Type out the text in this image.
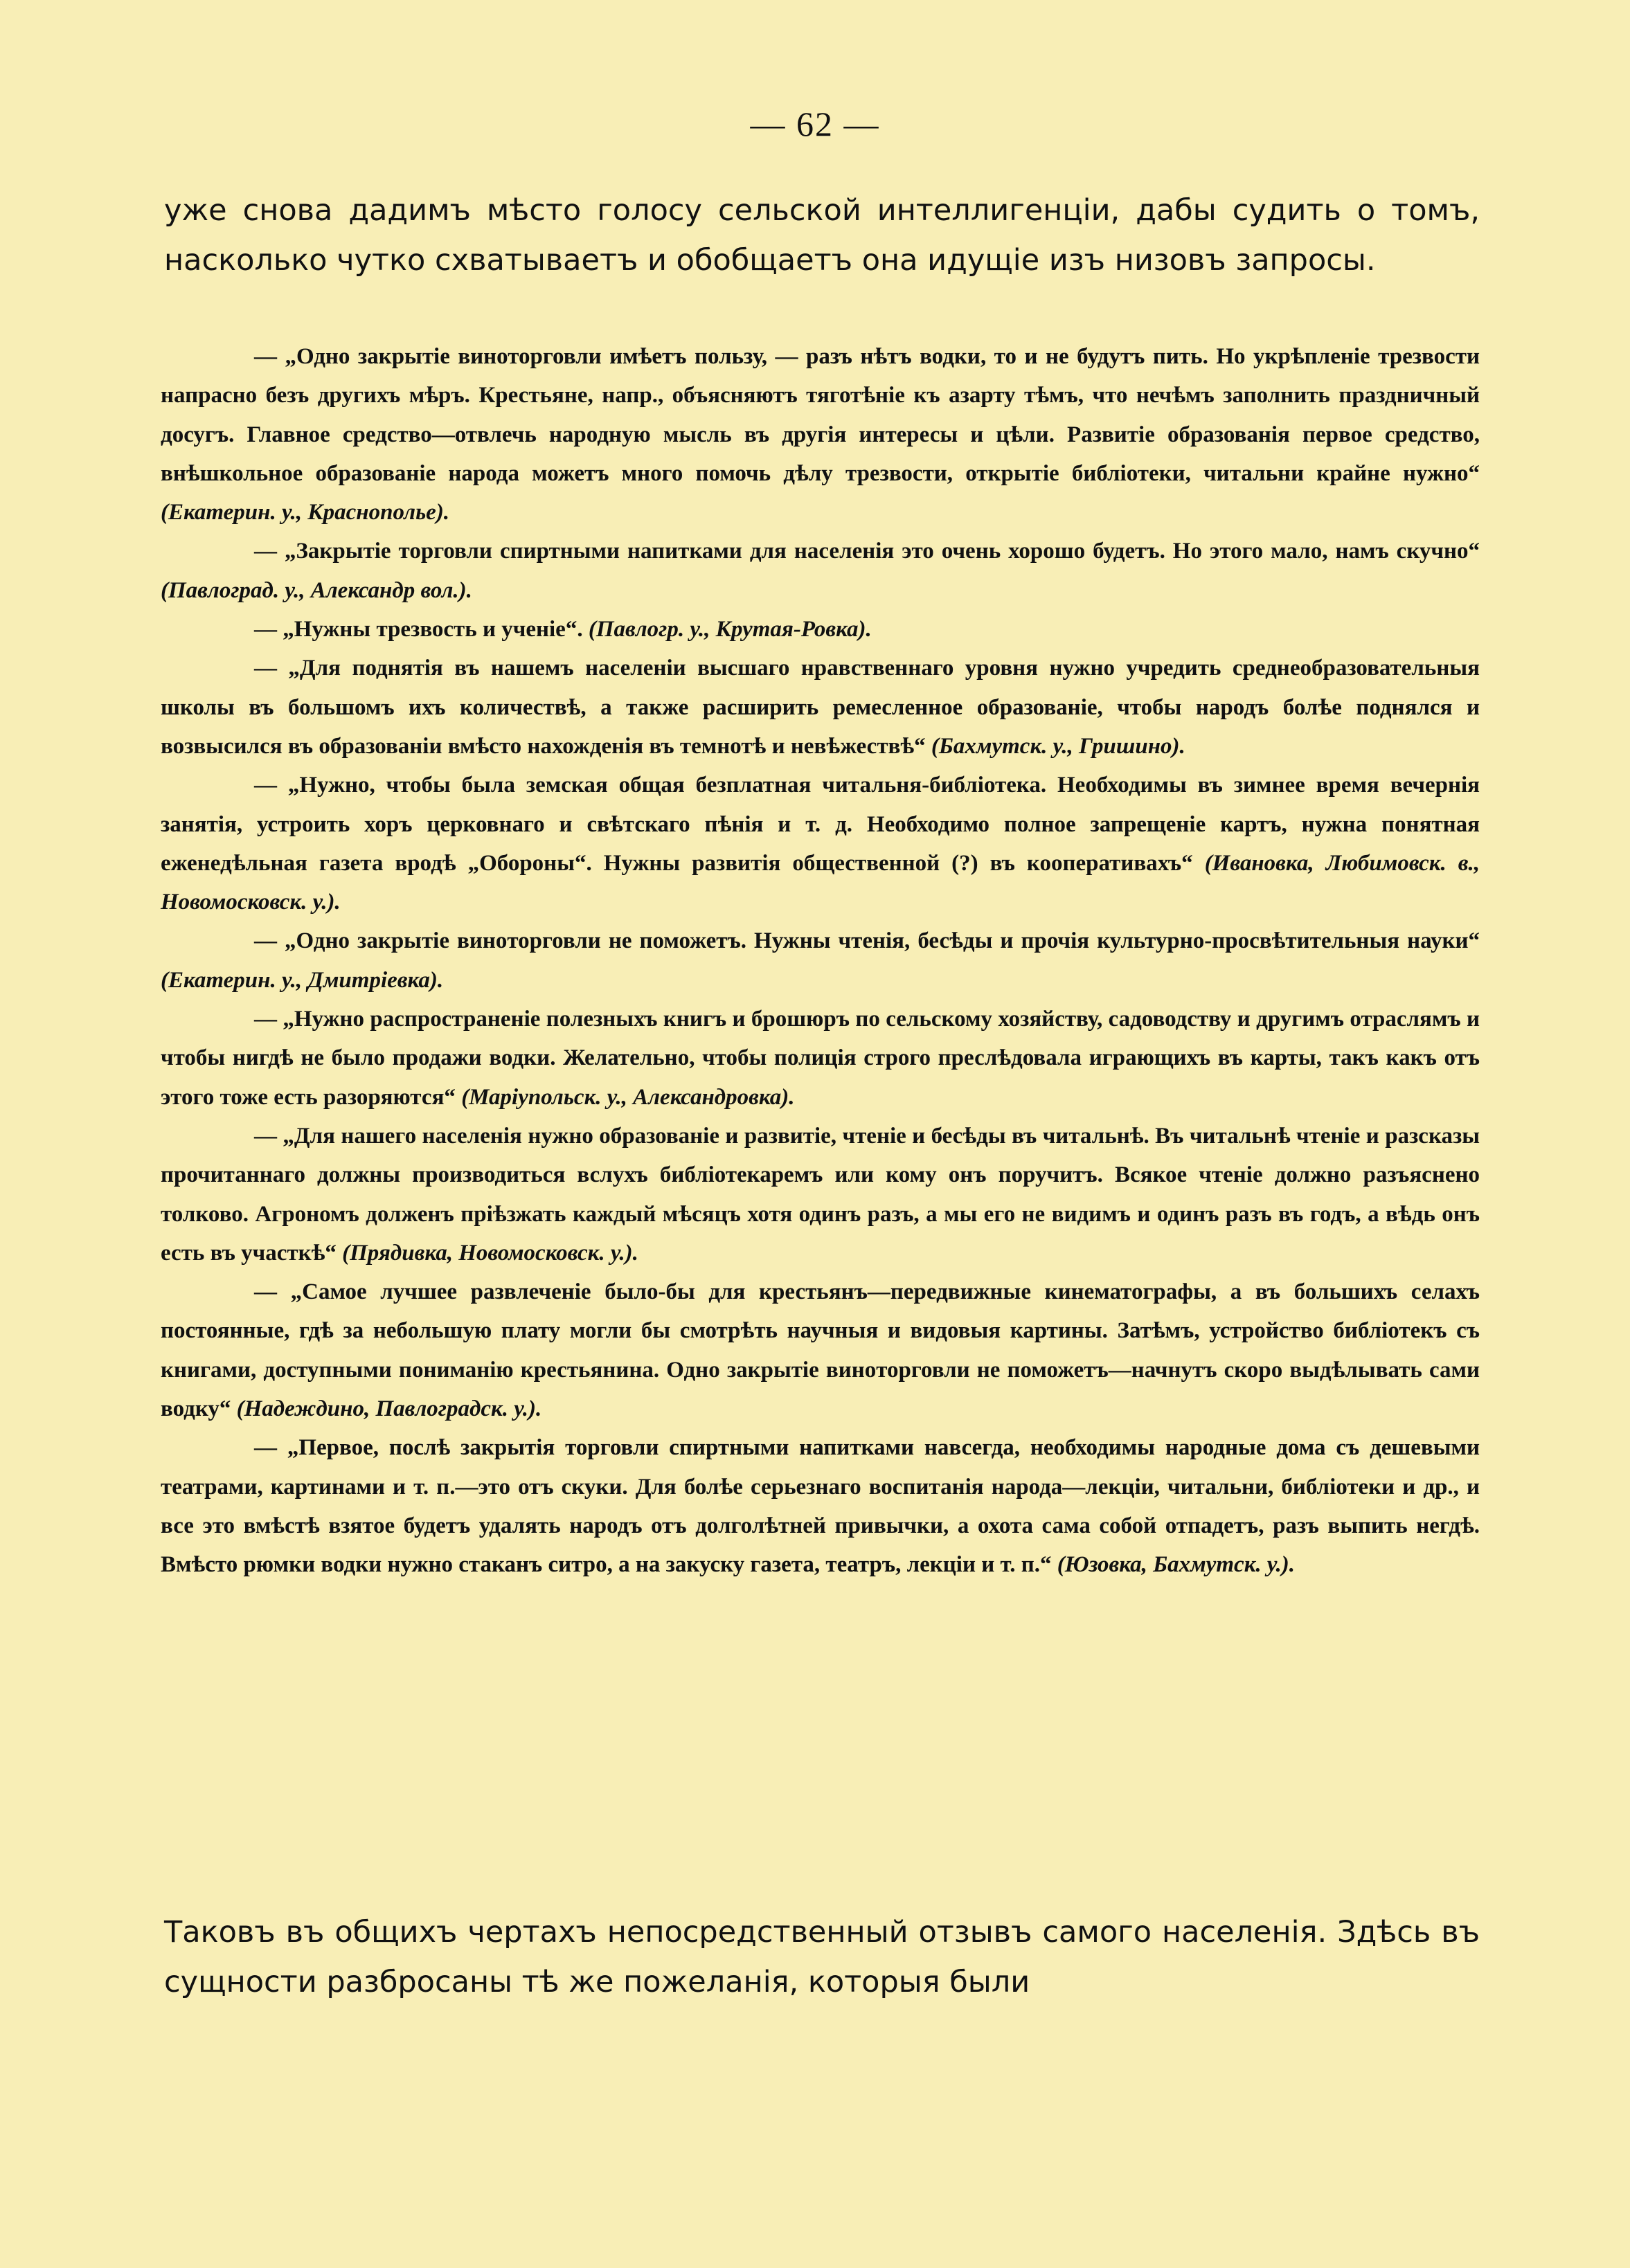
— 62 —
уже снова дадимъ мѣсто голосу сельской интеллигенціи, дабы судить о томъ, насколько чутко схватываетъ и обобщаетъ она идущіе изъ низовъ запросы.

— „Одно закрытіе виноторговли имѣетъ пользу, — разъ нѣтъ водки, то и не будутъ пить. Но укрѣпленіе трезвости напрасно безъ другихъ мѣръ. Крестьяне, напр., объясняютъ тяготѣніе къ азарту тѣмъ, что нечѣмъ заполнить праздничный досугъ. Главное средство—отвлечь народную мысль въ другія интересы и цѣли. Развитіе образованія первое средство, внѣшкольное образованіе народа можетъ много помочь дѣлу трезвости, открытіе библіотеки, читальни крайне нужно“ (Екатерин. у., Краснополье).

— „Закрытіе торговли спиртными напитками для населенія это очень хорошо будетъ. Но этого мало, намъ скучно“ (Павлоград. у., Александр вол.).

— „Нужны трезвость и ученіе“. (Павлогр. у., Крутая-Ровка).

— „Для поднятія въ нашемъ населеніи высшаго нравственнаго уровня нужно учредить среднеобразовательныя школы въ большомъ ихъ количествѣ, а также расширить ремесленное образованіе, чтобы народъ болѣе поднялся и возвысился въ образованіи вмѣсто нахожденія въ темнотѣ и невѣжествѣ“ (Бахмутск. у., Гришино).

— „Нужно, чтобы была земская общая безплатная читальня-библіотека. Необходимы въ зимнее время вечернія занятія, устроить хоръ церковнаго и свѣтскаго пѣнія и т. д. Необходимо полное запрещеніе картъ, нужна понятная еженедѣльная газета вродѣ „Обороны“. Нужны развитія общественной (?) въ кооперативахъ“ (Ивановка, Любимовск. в., Новомосковск. у.).

— „Одно закрытіе винoторговли не поможетъ. Нужны чтенія, бесѣды и прочія культурно-просвѣтительныя науки“ (Екатерин. у., Дмитріевка).

— „Нужно распространеніе полезныхъ книгъ и брошюръ по сельскому хозяйству, садоводству и другимъ отраслямъ и чтобы нигдѣ не было продажи водки. Желательно, чтобы полиція строго преслѣдовала играющихъ въ карты, такъ какъ отъ этого тоже есть разоряются“ (Маріупольск. у., Александровка).

— „Для нашего населенія нужно образованіе и развитіе, чтеніе и бесѣды въ читальнѣ. Въ читальнѣ чтеніе и разсказы прочитаннаго должны производиться вслухъ библіотекаремъ или кому онъ поручитъ. Всякое чтеніе должно разъяснено толково. Агрономъ долженъ пріѣзжать каждый мѣсяцъ хотя одинъ разъ, а мы его не видимъ и одинъ разъ въ годъ, а вѣдь онъ есть въ участкѣ“ (Прядивка, Новомосковск. у.).

— „Самое лучшее развлеченіе было-бы для крестьянъ—передвижные кинематографы, а въ большихъ селахъ постоянные, гдѣ за небольшую плату могли бы смотрѣть научныя и видовыя картины. Затѣмъ, устройство библіотекъ съ книгами, доступными пониманію крестьянина. Одно закрытіе винoторговли не поможетъ—начнутъ скоро выдѣлывать сами водку“ (Надеждино, Павлоградск. у.).

— „Первое, послѣ закрытія торговли спиртными напитками навсегда, необходимы народные дома съ дешевыми театрами, картинами и т. п.—это отъ скуки. Для болѣе серьезнаго воспитанія народа—лекціи, читальни, библіотеки и др., и все это вмѣстѣ взятое будетъ удалять народъ отъ долголѣтней привычки, а охота сама собой отпадетъ, разъ выпить негдѣ. Вмѣсто рюмки водки нужно стаканъ ситро, а на закуску газета, театръ, лекціи и т. п.“ (Юзовка, Бахмутск. у.).

Таковъ въ общихъ чертахъ непосредственный отзывъ самого населенія. Здѣсь въ сущности разбросаны тѣ же пожеланія, которыя были
